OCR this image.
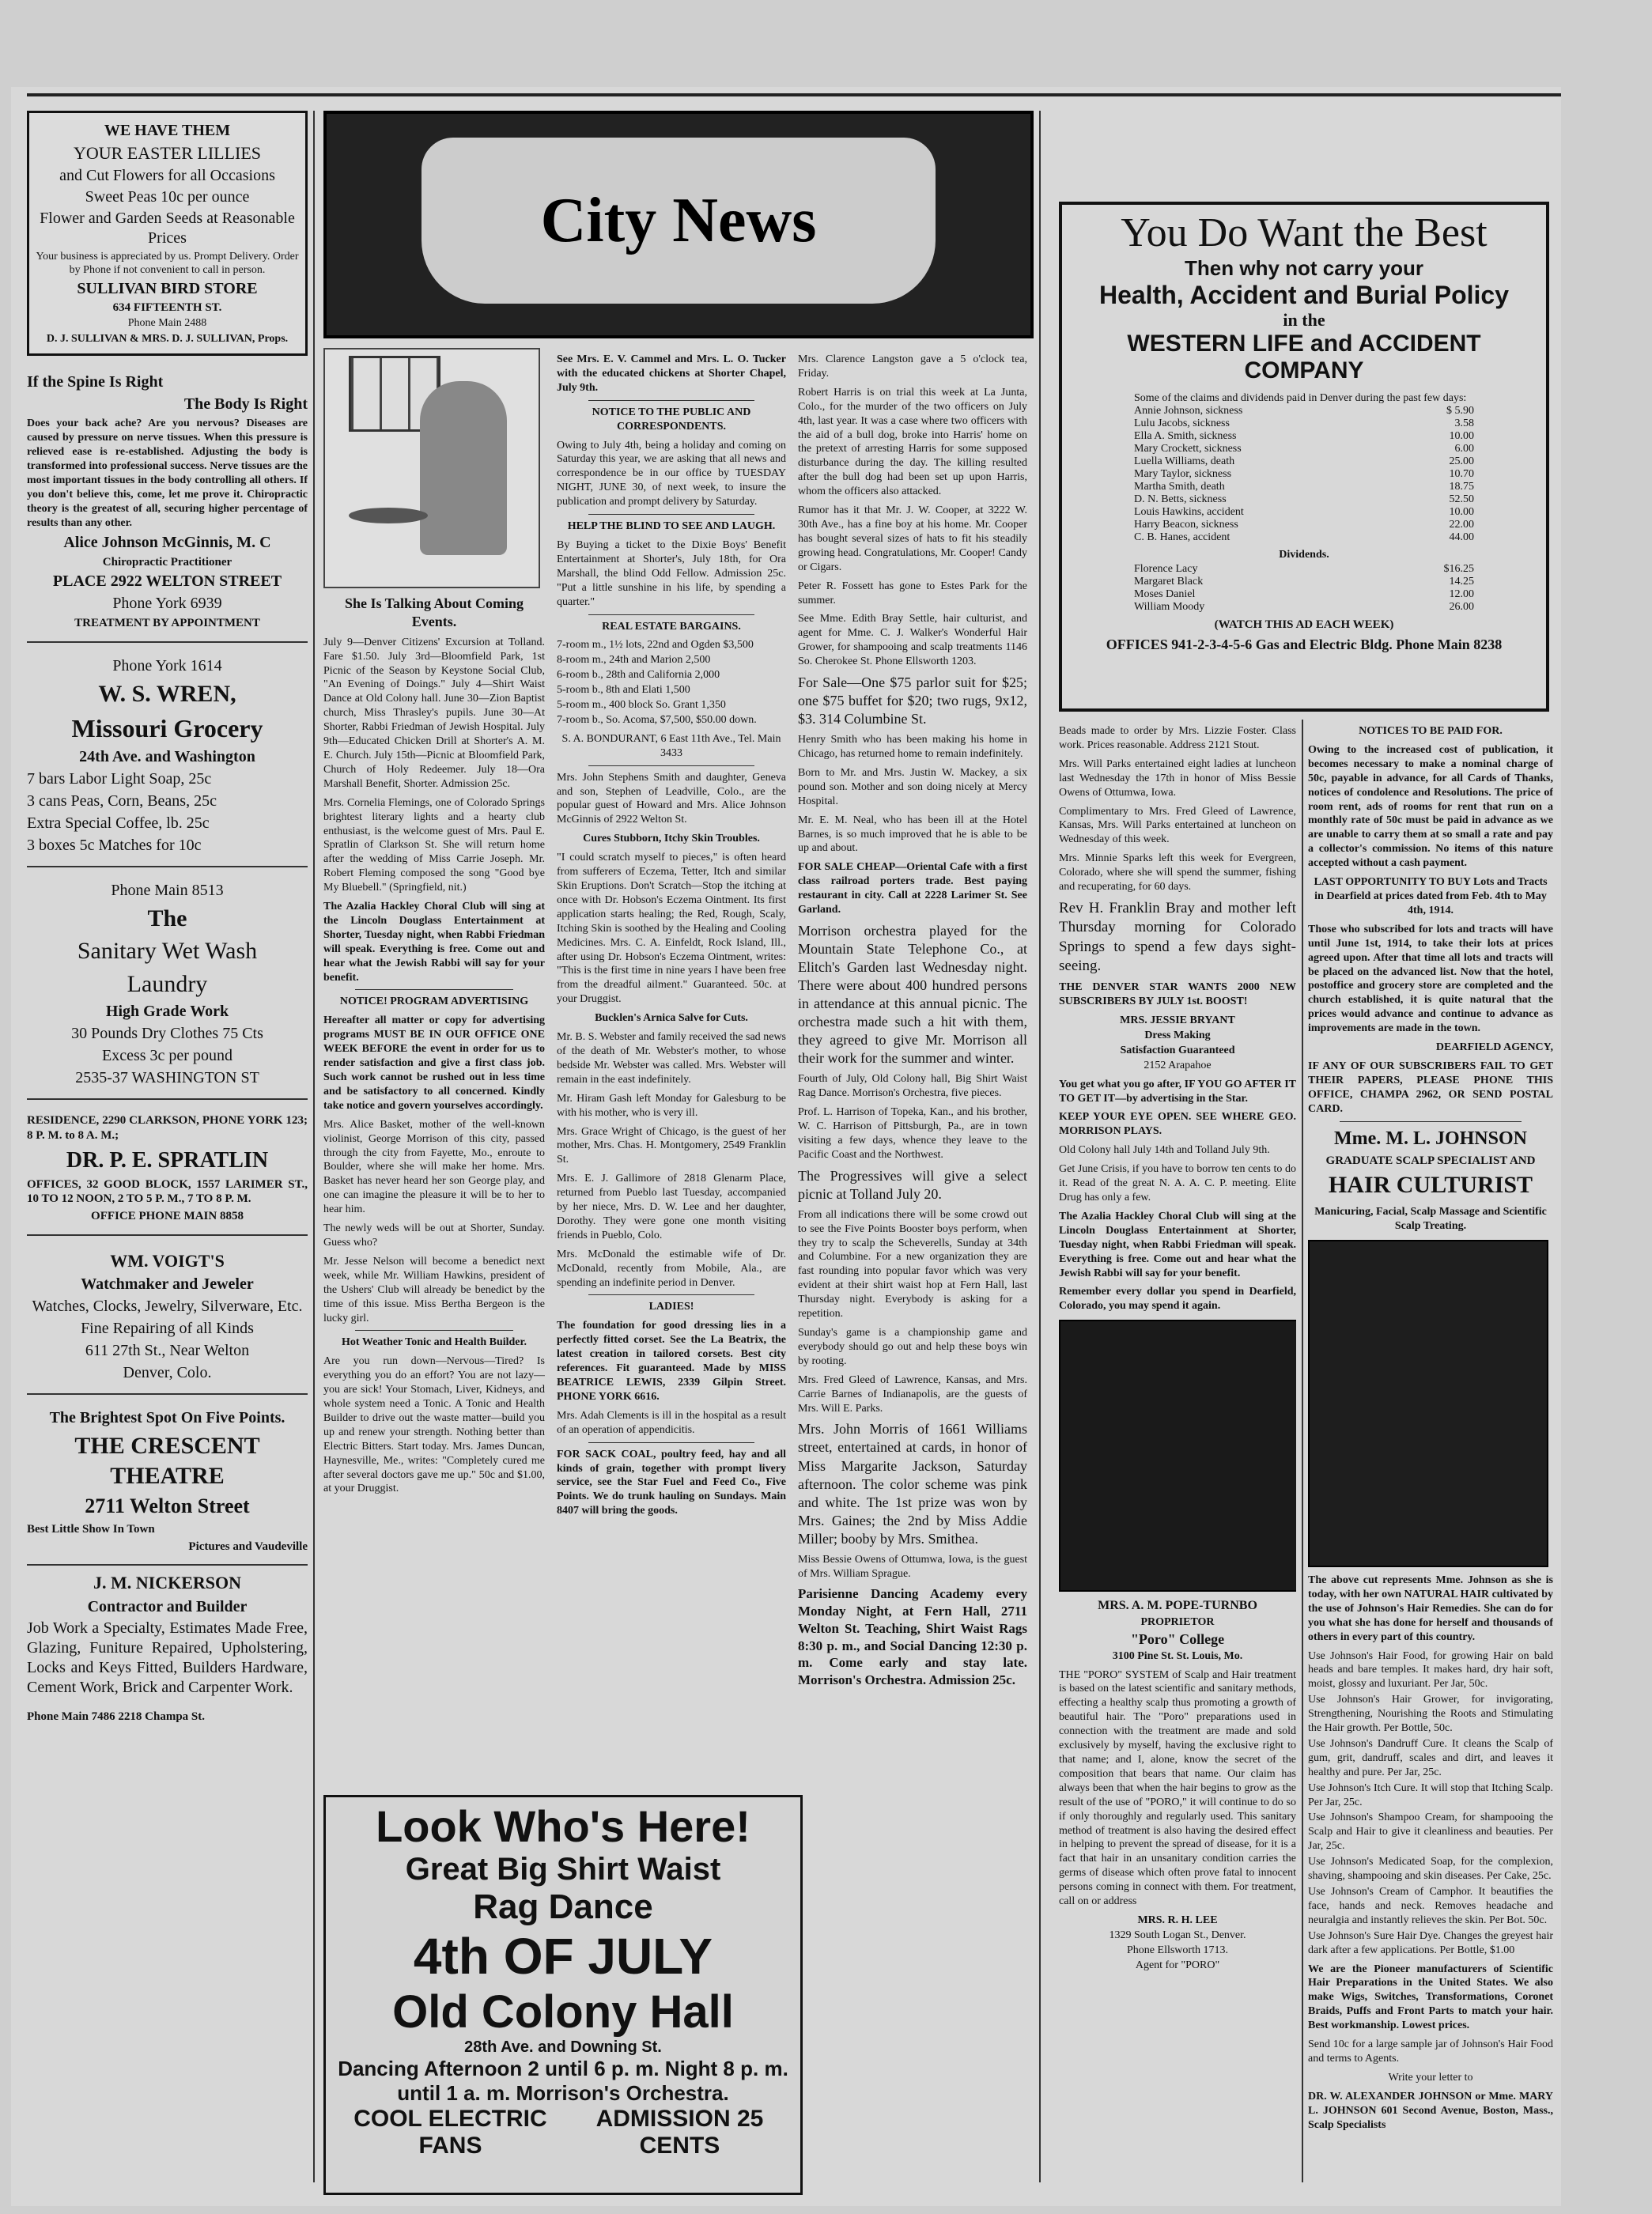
WE HAVE THEM

YOUR EASTER LILLIES

and Cut Flowers for all Occasions

Sweet Peas 10c per ounce

Flower and Garden Seeds at Reasonable Prices

Your business is appreciated by us. Prompt Delivery. Order by Phone if not convenient to call in person.

SULLIVAN BIRD STORE

634 FIFTEENTH ST.

Phone Main 2488

D. J. SULLIVAN & MRS. D. J. SULLIVAN, Props.

If the Spine Is Right

The Body Is Right

Does your back ache? Are you nervous? Diseases are caused by pressure on nerve tissues. When this pressure is relieved ease is re-established. Adjusting the body is transformed into professional success. Nerve tissues are the most important tissues in the body controlling all others. If you don't believe this, come, let me prove it. Chiropractic theory is the greatest of all, securing higher percentage of results than any other.

Alice Johnson McGinnis, M. C

Chiropractic Practitioner

PLACE 2922 WELTON STREET

Phone York 6939

TREATMENT BY APPOINTMENT

Phone York 1614

W. S. WREN,
Missouri Grocery

24th Ave. and Washington

7 bars Labor Light Soap, 25c

3 cans Peas, Corn, Beans, 25c

Extra Special Coffee, lb. 25c

3 boxes 5c Matches for 10c

Phone Main 8513

The
Sanitary Wet Wash
Laundry

High Grade Work

30 Pounds Dry Clothes 75 Cts

Excess 3c per pound

2535-37 WASHINGTON ST

RESIDENCE, 2290 CLARKSON, PHONE YORK 123; 8 P. M. to 8 A. M.;

DR. P. E. SPRATLIN

OFFICES, 32 GOOD BLOCK, 1557 LARIMER ST., 10 TO 12 NOON, 2 TO 5 P. M., 7 TO 8 P. M.

OFFICE PHONE MAIN 8858

WM. VOIGT'S

Watchmaker and Jeweler

Watches, Clocks, Jewelry, Silverware, Etc.

Fine Repairing of all Kinds

611 27th St., Near Welton

Denver, Colo.

The Brightest Spot On Five Points.

THE CRESCENT THEATRE

2711 Welton Street

Best Little Show In Town

Pictures and Vaudeville

J. M. NICKERSON

Contractor and Builder

Job Work a Specialty, Estimates Made Free, Glazing, Funiture Repaired, Upholstering, Locks and Keys Fitted, Builders Hardware, Cement Work, Brick and Carpenter Work.

Phone Main 7486 2218 Champa St.

City News

She Is Talking About Coming Events.

July 9—Denver Citizens' Excursion at Tolland. Fare $1.50. July 3rd—Bloomfield Park, 1st Picnic of the Season by Keystone Social Club, "An Evening of Doings." July 4—Shirt Waist Dance at Old Colony hall. June 30—Zion Baptist church, Miss Thrasley's pupils. June 30—At Shorter, Rabbi Friedman of Jewish Hospital. July 9th—Educated Chicken Drill at Shorter's A. M. E. Church. July 15th—Picnic at Bloomfield Park, Church of Holy Redeemer. July 18—Ora Marshall Benefit, Shorter. Admission 25c.

Mrs. Cornelia Flemings, one of Colorado Springs brightest literary lights and a hearty club enthusiast, is the welcome guest of Mrs. Paul E. Spratlin of Clarkson St. She will return home after the wedding of Miss Carrie Joseph. Mr. Robert Fleming composed the song "Good bye My Bluebell." (Springfield, nit.)

The Azalia Hackley Choral Club will sing at the Lincoln Douglass Entertainment at Shorter, Tuesday night, when Rabbi Friedman will speak. Everything is free. Come out and hear what the Jewish Rabbi will say for your benefit.

NOTICE! PROGRAM ADVERTISING

Hereafter all matter or copy for advertising programs MUST BE IN OUR OFFICE ONE WEEK BEFORE the event in order for us to render satisfaction and give a first class job. Such work cannot be rushed out in less time and be satisfactory to all concerned. Kindly take notice and govern yourselves accordingly.

Mrs. Alice Basket, mother of the well-known violinist, George Morrison of this city, passed through the city from Fayette, Mo., enroute to Boulder, where she will make her home. Mrs. Basket has never heard her son George play, and one can imagine the pleasure it will be to her to hear him.

The newly weds will be out at Shorter, Sunday. Guess who?

Mr. Jesse Nelson will become a benedict next week, while Mr. William Hawkins, president of the Ushers' Club will already be benedict by the time of this issue. Miss Bertha Bergeon is the lucky girl.

Hot Weather Tonic and Health Builder.

Are you run down—Nervous—Tired? Is everything you do an effort? You are not lazy—you are sick! Your Stomach, Liver, Kidneys, and whole system need a Tonic. A Tonic and Health Builder to drive out the waste matter—build you up and renew your strength. Nothing better than Electric Bitters. Start today. Mrs. James Duncan, Haynesville, Me., writes: "Completely cured me after several doctors gave me up." 50c and $1.00, at your Druggist.

See Mrs. E. V. Cammel and Mrs. L. O. Tucker with the educated chickens at Shorter Chapel, July 9th.

NOTICE TO THE PUBLIC AND CORRESPONDENTS.

Owing to July 4th, being a holiday and coming on Saturday this year, we are asking that all news and correspondence be in our office by TUESDAY NIGHT, JUNE 30, of next week, to insure the publication and prompt delivery by Saturday.

HELP THE BLIND TO SEE AND LAUGH.

By Buying a ticket to the Dixie Boys' Benefit Entertainment at Shorter's, July 18th, for Ora Marshall, the blind Odd Fellow. Admission 25c. "Put a little sunshine in his life, by spending a quarter."

REAL ESTATE BARGAINS.

7-room m., 1½ lots, 22nd and Ogden $3,500

8-room m., 24th and Marion 2,500

6-room b., 28th and California 2,000

5-room b., 8th and Elati 1,500

5-room m., 400 block So. Grant 1,350

7-room b., So. Acoma, $7,500, $50.00 down.

S. A. BONDURANT, 6 East 11th Ave., Tel. Main 3433

Mrs. John Stephens Smith and daughter, Geneva and son, Stephen of Leadville, Colo., are the popular guest of Howard and Mrs. Alice Johnson McGinnis of 2922 Welton St.

Cures Stubborn, Itchy Skin Troubles.

"I could scratch myself to pieces," is often heard from sufferers of Eczema, Tetter, Itch and similar Skin Eruptions. Don't Scratch—Stop the itching at once with Dr. Hobson's Eczema Ointment. Its first application starts healing; the Red, Rough, Scaly, Itching Skin is soothed by the Healing and Cooling Medicines. Mrs. C. A. Einfeldt, Rock Island, Ill., after using Dr. Hobson's Eczema Ointment, writes: "This is the first time in nine years I have been free from the dreadful ailment." Guaranteed. 50c. at your Druggist.

Bucklen's Arnica Salve for Cuts.

Mr. B. S. Webster and family received the sad news of the death of Mr. Webster's mother, to whose bedside Mr. Webster was called. Mrs. Webster will remain in the east indefinitely.

Mr. Hiram Gash left Monday for Galesburg to be with his mother, who is very ill.

Mrs. Grace Wright of Chicago, is the guest of her mother, Mrs. Chas. H. Montgomery, 2549 Franklin St.

Mrs. E. J. Gallimore of 2818 Glenarm Place, returned from Pueblo last Tuesday, accompanied by her niece, Mrs. D. W. Lee and her daughter, Dorothy. They were gone one month visiting friends in Pueblo, Colo.

Mrs. McDonald the estimable wife of Dr. McDonald, recently from Mobile, Ala., are spending an indefinite period in Denver.

LADIES!

The foundation for good dressing lies in a perfectly fitted corset. See the La Beatrix, the latest creation in tailored corsets. Best city references. Fit guaranteed. Made by MISS BEATRICE LEWIS, 2339 Gilpin Street. PHONE YORK 6616.

Mrs. Adah Clements is ill in the hospital as a result of an operation of appendicitis.

FOR SACK COAL, poultry feed, hay and all kinds of grain, together with prompt livery service, see the Star Fuel and Feed Co., Five Points. We do trunk hauling on Sundays. Main 8407 will bring the goods.

Mrs. Clarence Langston gave a 5 o'clock tea, Friday.

Robert Harris is on trial this week at La Junta, Colo., for the murder of the two officers on July 4th, last year. It was a case where two officers with the aid of a bull dog, broke into Harris' home on the pretext of arresting Harris for some supposed disturbance during the day. The killing resulted after the bull dog had been set up upon Harris, whom the officers also attacked.

Rumor has it that Mr. J. W. Cooper, at 3222 W. 30th Ave., has a fine boy at his home. Mr. Cooper has bought several sizes of hats to fit his steadily growing head. Congratulations, Mr. Cooper! Candy or Cigars.

Peter R. Fossett has gone to Estes Park for the summer.

See Mme. Edith Bray Settle, hair culturist, and agent for Mme. C. J. Walker's Wonderful Hair Grower, for shampooing and scalp treatments 1146 So. Cherokee St. Phone Ellsworth 1203.

For Sale—One $75 parlor suit for $25; one $75 buffet for $20; two rugs, 9x12, $3. 314 Columbine St.

Henry Smith who has been making his home in Chicago, has returned home to remain indefinitely.

Born to Mr. and Mrs. Justin W. Mackey, a six pound son. Mother and son doing nicely at Mercy Hospital.

Mr. E. M. Neal, who has been ill at the Hotel Barnes, is so much improved that he is able to be up and about.

FOR SALE CHEAP—Oriental Cafe with a first class railroad porters trade. Best paying restaurant in city. Call at 2228 Larimer St. See Garland.

Morrison orchestra played for the Mountain State Telephone Co., at Elitch's Garden last Wednesday night. There were about 400 hundred persons in attendance at this annual picnic. The orchestra made such a hit with them, they agreed to give Mr. Morrison all their work for the summer and winter.

Fourth of July, Old Colony hall, Big Shirt Waist Rag Dance. Morrison's Orchestra, five pieces.

Prof. L. Harrison of Topeka, Kan., and his brother, W. C. Harrison of Pittsburgh, Pa., are in town visiting a few days, whence they leave to the Pacific Coast and the Northwest.

The Progressives will give a select picnic at Tolland July 20.

From all indications there will be some crowd out to see the Five Points Booster boys perform, when they try to scalp the Scheverells, Sunday at 34th and Columbine. For a new organization they are fast rounding into popular favor which was very evident at their shirt waist hop at Fern Hall, last Thursday night. Everybody is asking for a repetition.

Sunday's game is a championship game and everybody should go out and help these boys win by rooting.

Mrs. Fred Gleed of Lawrence, Kansas, and Mrs. Carrie Barnes of Indianapolis, are the guests of Mrs. Will E. Parks.

Mrs. John Morris of 1661 Williams street, entertained at cards, in honor of Miss Margarite Jackson, Saturday afternoon. The color scheme was pink and white. The 1st prize was won by Mrs. Gaines; the 2nd by Miss Addie Miller; booby by Mrs. Smithea.

Miss Bessie Owens of Ottumwa, Iowa, is the guest of Mrs. William Sprague.

Parisienne Dancing Academy every Monday Night, at Fern Hall, 2711 Welton St. Teaching, Shirt Waist Rags 8:30 p. m., and Social Dancing 12:30 p. m. Come early and stay late. Morrison's Orchestra. Admission 25c.

Look Who's Here!
Great Big Shirt Waist
Rag Dance
4th OF JULY
Old Colony Hall
28th Ave. and Downing St.
Dancing Afternoon 2 until 6 p. m. Night 8 p. m. until 1 a. m. Morrison's Orchestra.
COOL ELECTRIC FANS
ADMISSION 25 CENTS
You Do Want the Best
Then why not carry your
Health, Accident and Burial Policy
in the
WESTERN LIFE and ACCIDENT COMPANY
Some of the claims and dividends paid in Denver during the past few days:
Annie Johnson, sickness	$ 5.90
Lulu Jacobs, sickness	3.58
Ella A. Smith, sickness	10.00
Mary Crockett, sickness	6.00
Luella Williams, death	25.00
Mary Taylor, sickness	10.70
Martha Smith, death	18.75
D. N. Betts, sickness	52.50
Louis Hawkins, accident	10.00
Harry Beacon, sickness	22.00
C. B. Hanes, accident	44.00
Dividends.
Florence Lacy	$16.25
Margaret Black	14.25
Moses Daniel	12.00
William Moody	26.00
(WATCH THIS AD EACH WEEK)
OFFICES 941-2-3-4-5-6 Gas and Electric Bldg. Phone Main 8238

Beads made to order by Mrs. Lizzie Foster. Class work. Prices reasonable. Address 2121 Stout.

Mrs. Will Parks entertained eight ladies at luncheon last Wednesday the 17th in honor of Miss Bessie Owens of Ottumwa, Iowa.

Complimentary to Mrs. Fred Gleed of Lawrence, Kansas, Mrs. Will Parks entertained at luncheon on Wednesday of this week.

Mrs. Minnie Sparks left this week for Evergreen, Colorado, where she will spend the summer, fishing and recuperating, for 60 days.

Rev H. Franklin Bray and mother left Thursday morning for Colorado Springs to spend a few days sight-seeing.

THE DENVER STAR WANTS 2000 NEW SUBSCRIBERS BY JULY 1st. BOOST!

MRS. JESSIE BRYANT

Dress Making

Satisfaction Guaranteed

2152 Arapahoe

You get what you go after, IF YOU GO AFTER IT TO GET IT—by advertising in the Star.

KEEP YOUR EYE OPEN. SEE WHERE GEO. MORRISON PLAYS.

Old Colony hall July 14th and Tolland July 9th.

Get June Crisis, if you have to borrow ten cents to do it. Read of the great N. A. A. C. P. meeting. Elite Drug has only a few.

The Azalia Hackley Choral Club will sing at the Lincoln Douglass Entertainment at Shorter, Tuesday night, when Rabbi Friedman will speak. Everything is free. Come out and hear what the Jewish Rabbi will say for your benefit.

Remember every dollar you spend in Dearfield, Colorado, you may spend it again.

MRS. A. M. POPE-TURNBO

PROPRIETOR

"Poro" College

3100 Pine St. St. Louis, Mo.

THE "PORO" SYSTEM of Scalp and Hair treatment is based on the latest scientific and sanitary methods, effecting a healthy scalp thus promoting a growth of beautiful hair. The "Poro" preparations used in connection with the treatment are made and sold exclusively by myself, having the exclusive right to that name; and I, alone, know the secret of the composition that bears that name. Our claim has always been that when the hair begins to grow as the result of the use of "PORO," it will continue to do so if only thoroughly and regularly used. This sanitary method of treatment is also having the desired effect in helping to prevent the spread of disease, for it is a fact that hair in an unsanitary condition carries the germs of disease which often prove fatal to innocent persons coming in connect with them. For treatment, call on or address

MRS. R. H. LEE

1329 South Logan St., Denver.

Phone Ellsworth 1713.

Agent for "PORO"

NOTICES TO BE PAID FOR.

Owing to the increased cost of publication, it becomes necessary to make a nominal charge of 50c, payable in advance, for all Cards of Thanks, notices of condolence and Resolutions. The price of room rent, ads of rooms for rent that run on a monthly rate of 50c must be paid in advance as we are unable to carry them at so small a rate and pay a collector's commission. No items of this nature accepted without a cash payment.

LAST OPPORTUNITY TO BUY Lots and Tracts in Dearfield at prices dated from Feb. 4th to May 4th, 1914.

Those who subscribed for lots and tracts will have until June 1st, 1914, to take their lots at prices agreed upon. After that time all lots and tracts will be placed on the advanced list. Now that the hotel, postoffice and grocery store are completed and the church established, it is quite natural that the prices would advance and continue to advance as improvements are made in the town.

DEARFIELD AGENCY,

IF ANY OF OUR SUBSCRIBERS FAIL TO GET THEIR PAPERS, PLEASE PHONE THIS OFFICE, CHAMPA 2962, OR SEND POSTAL CARD.

Mme. M. L. JOHNSON

GRADUATE SCALP SPECIALIST AND

HAIR CULTURIST

Manicuring, Facial, Scalp Massage and Scientific Scalp Treating.

The above cut represents Mme. Johnson as she is today, with her own NATURAL HAIR cultivated by the use of Johnson's Hair Remedies. She can do for you what she has done for herself and thousands of others in every part of this country.

Use Johnson's Hair Food, for growing Hair on bald heads and bare temples. It makes hard, dry hair soft, moist, glossy and luxuriant. Per Jar, 50c.

Use Johnson's Hair Grower, for invigorating, Strengthening, Nourishing the Roots and Stimulating the Hair growth. Per Bottle, 50c.

Use Johnson's Dandruff Cure. It cleans the Scalp of gum, grit, dandruff, scales and dirt, and leaves it healthy and pure. Per Jar, 25c.

Use Johnson's Itch Cure. It will stop that Itching Scalp. Per Jar, 25c.

Use Johnson's Shampoo Cream, for shampooing the Scalp and Hair to give it cleanliness and beauties. Per Jar, 25c.

Use Johnson's Medicated Soap, for the complexion, shaving, shampooing and skin diseases. Per Cake, 25c.

Use Johnson's Cream of Camphor. It beautifies the face, hands and neck. Removes headache and neuralgia and instantly relieves the skin. Per Bot. 50c.

Use Johnson's Sure Hair Dye. Changes the greyest hair dark after a few applications. Per Bottle, $1.00

We are the Pioneer manufacturers of Scientific Hair Preparations in the United States. We also make Wigs, Switches, Transformations, Coronet Braids, Puffs and Front Parts to match your hair. Best workmanship. Lowest prices.

Send 10c for a large sample jar of Johnson's Hair Food and terms to Agents.

Write your letter to

DR. W. ALEXANDER JOHNSON or Mme. MARY L. JOHNSON 601 Second Avenue, Boston, Mass., Scalp Specialists
